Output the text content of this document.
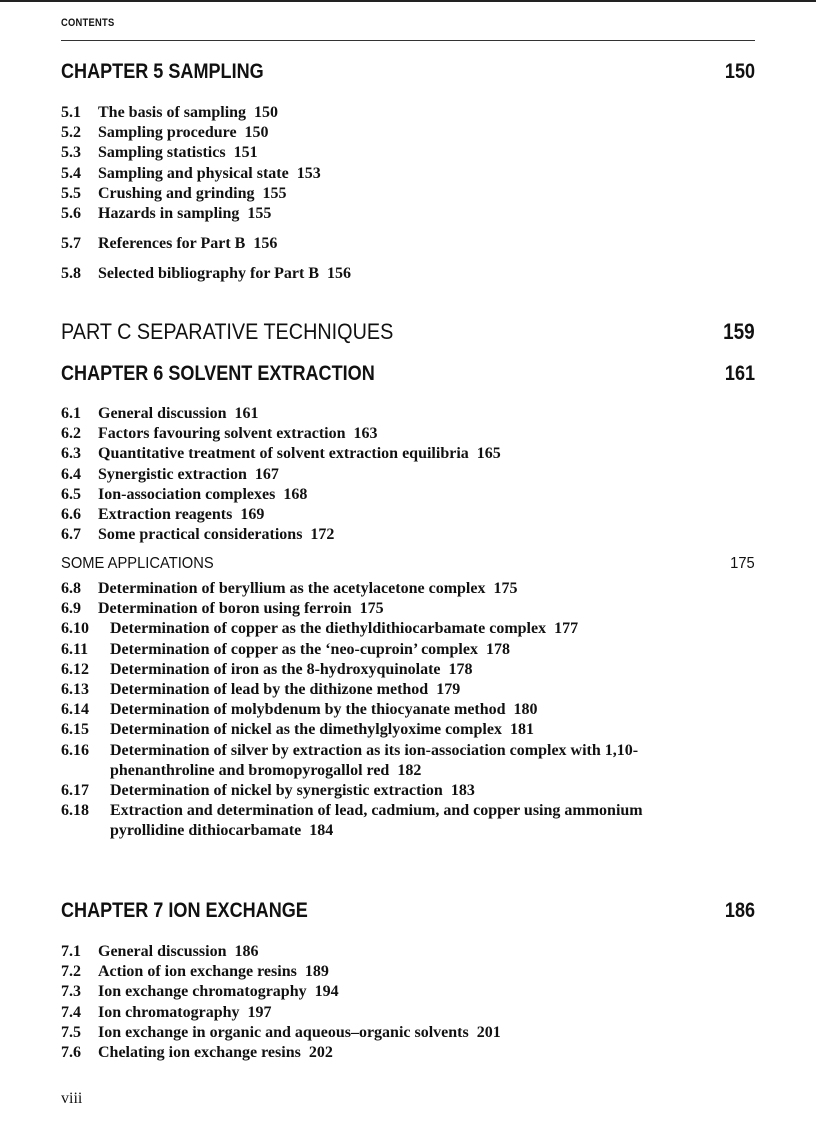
CONTENTS
CHAPTER 5 SAMPLING	150
5.1 The basis of sampling 150
5.2 Sampling procedure 150
5.3 Sampling statistics 151
5.4 Sampling and physical state 153
5.5 Crushing and grinding 155
5.6 Hazards in sampling 155
5.7 References for Part B 156
5.8 Selected bibliography for Part B 156
PART C SEPARATIVE TECHNIQUES	159
CHAPTER 6 SOLVENT EXTRACTION	161
6.1 General discussion 161
6.2 Factors favouring solvent extraction 163
6.3 Quantitative treatment of solvent extraction equilibria 165
6.4 Synergistic extraction 167
6.5 Ion-association complexes 168
6.6 Extraction reagents 169
6.7 Some practical considerations 172
SOME APPLICATIONS	175
6.8 Determination of beryllium as the acetylacetone complex 175
6.9 Determination of boron using ferroin 175
6.10 Determination of copper as the diethyldithiocarbamate complex 177
6.11 Determination of copper as the ‘neo-cuproin’ complex 178
6.12 Determination of iron as the 8-hydroxyquinolate 178
6.13 Determination of lead by the dithizone method 179
6.14 Determination of molybdenum by the thiocyanate method 180
6.15 Determination of nickel as the dimethylglyoxime complex 181
6.16 Determination of silver by extraction as its ion-association complex with 1,10-phenanthroline and bromopyrogallol red 182
6.17 Determination of nickel by synergistic extraction 183
6.18 Extraction and determination of lead, cadmium, and copper using ammonium pyrollidine dithiocarbamate 184
CHAPTER 7 ION EXCHANGE	186
7.1 General discussion 186
7.2 Action of ion exchange resins 189
7.3 Ion exchange chromatography 194
7.4 Ion chromatography 197
7.5 Ion exchange in organic and aqueous–organic solvents 201
7.6 Chelating ion exchange resins 202
viii
